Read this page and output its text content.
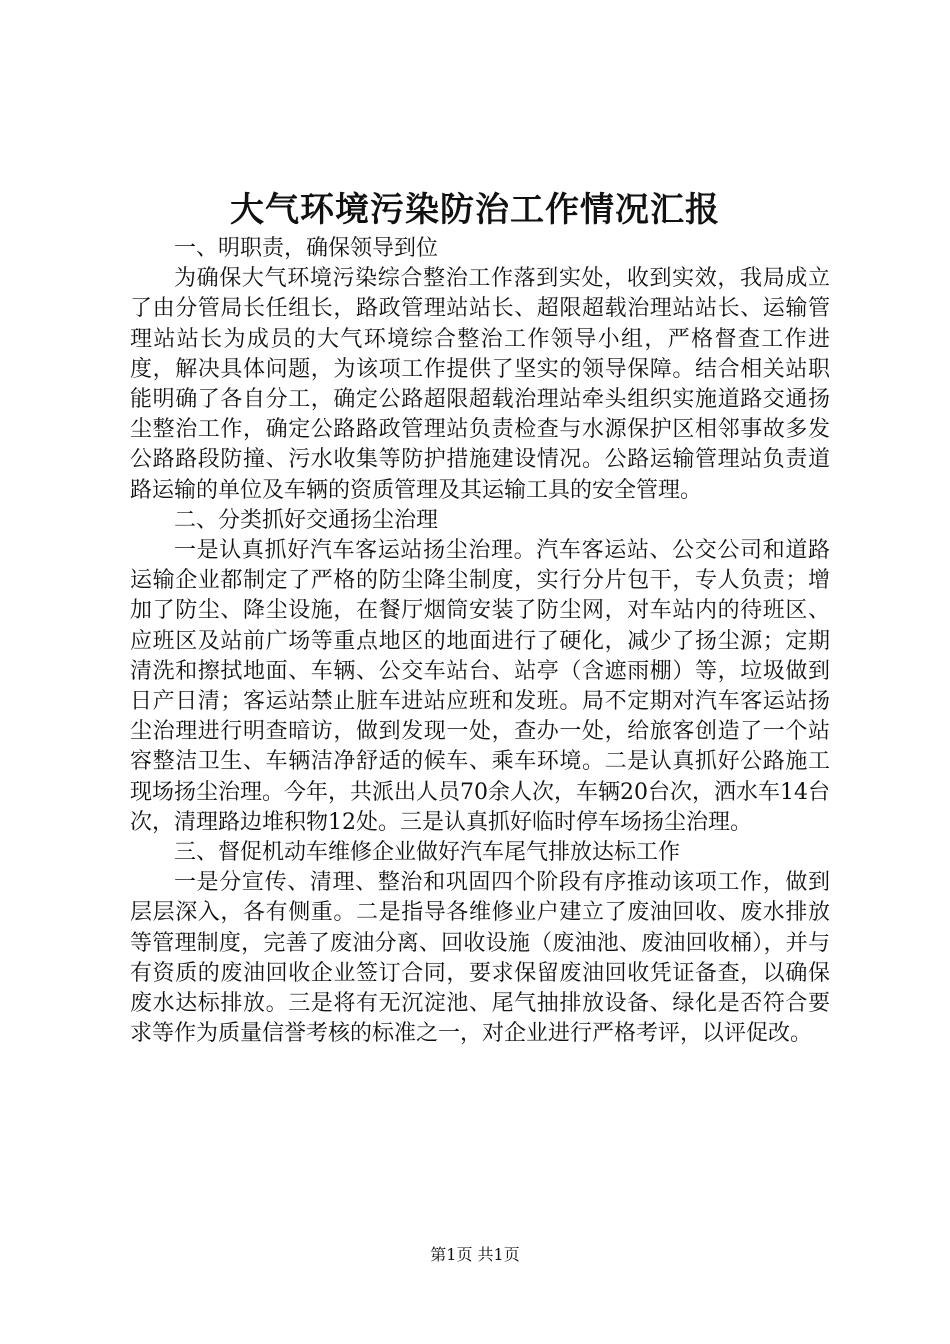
大气环境污染防治工作情况汇报

一、明职责，确保领导到位

为确保大气环境污染综合整治工作落到实处，收到实效，我局成立了由分管局长任组长，路政管理站站长、超限超载治理站站长、运输管理站站长为成员的大气环境综合整治工作领导小组，严格督查工作进度，解决具体问题，为该项工作提供了坚实的领导保障。结合相关站职能明确了各自分工，确定公路超限超载治理站牵头组织实施道路交通扬尘整治工作，确定公路路政管理站负责检查与水源保护区相邻事故多发公路路段防撞、污水收集等防护措施建设情况。公路运输管理站负责道路运输的单位及车辆的资质管理及其运输工具的安全管理。

二、分类抓好交通扬尘治理

一是认真抓好汽车客运站扬尘治理。汽车客运站、公交公司和道路运输企业都制定了严格的防尘降尘制度，实行分片包干，专人负责；增加了防尘、降尘设施，在餐厅烟筒安装了防尘网，对车站内的待班区、应班区及站前广场等重点地区的地面进行了硬化，减少了扬尘源；定期清洗和擦拭地面、车辆、公交车站台、站亭（含遮雨棚）等，垃圾做到日产日清；客运站禁止脏车进站应班和发班。局不定期对汽车客运站扬尘治理进行明查暗访，做到发现一处，查办一处，给旅客创造了一个站容整洁卫生、车辆洁净舒适的候车、乘车环境。二是认真抓好公路施工现场扬尘治理。今年，共派出人员70余人次，车辆20台次，洒水车14台次，清理路边堆积物12处。三是认真抓好临时停车场扬尘治理。

三、督促机动车维修企业做好汽车尾气排放达标工作

一是分宣传、清理、整治和巩固四个阶段有序推动该项工作，做到层层深入，各有侧重。二是指导各维修业户建立了废油回收、废水排放等管理制度，完善了废油分离、回收设施（废油池、废油回收桶），并与有资质的废油回收企业签订合同，要求保留废油回收凭证备查，以确保废水达标排放。三是将有无沉淀池、尾气抽排放设备、绿化是否符合要求等作为质量信誉考核的标准之一，对企业进行严格考评，以评促改。

第1页 共1页
